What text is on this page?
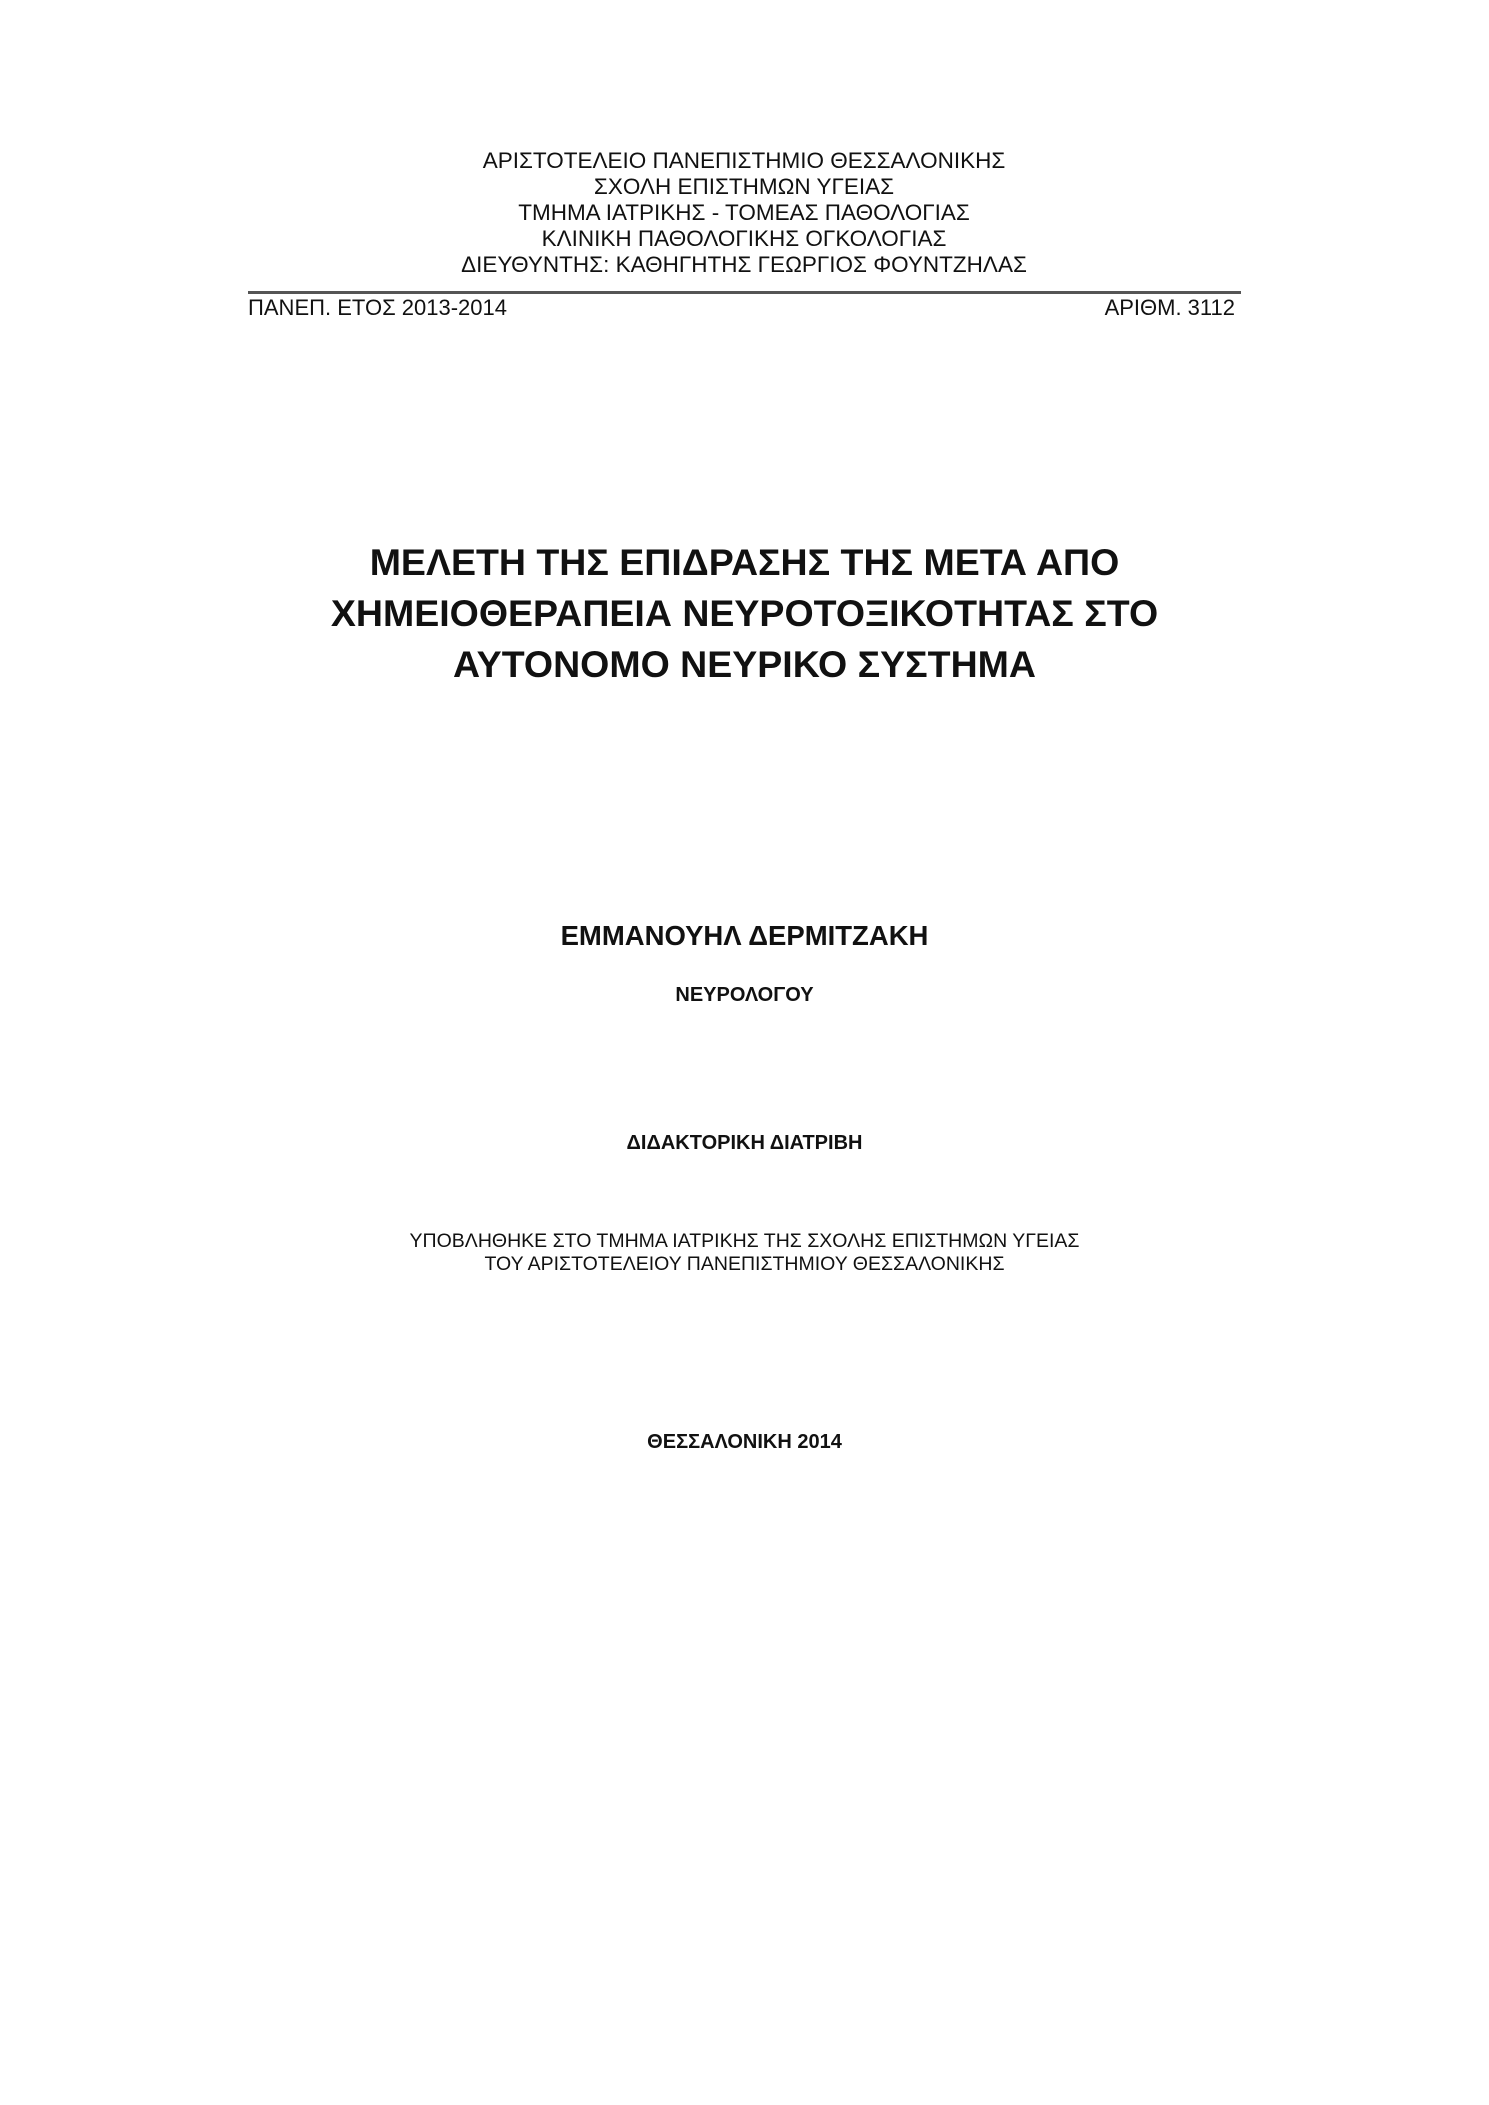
ΑΡΙΣΤΟΤΕΛΕΙΟ ΠΑΝΕΠΙΣΤΗΜΙΟ ΘΕΣΣΑΛΟΝΙΚΗΣ
ΣΧΟΛΗ ΕΠΙΣΤΗΜΩΝ ΥΓΕΙΑΣ
ΤΜΗΜΑ ΙΑΤΡΙΚΗΣ - ΤΟΜΕΑΣ ΠΑΘΟΛΟΓΙΑΣ
ΚΛΙΝΙΚΗ ΠΑΘΟΛΟΓΙΚΗΣ ΟΓΚΟΛΟΓΙΑΣ
ΔΙΕΥΘΥΝΤΗΣ: ΚΑΘΗΓΗΤΗΣ ΓΕΩΡΓΙΟΣ ΦΟΥΝΤΖΗΛΑΣ
ΠΑΝΕΠ. ΕΤΟΣ 2013-2014	ΑΡΙΘΜ. 3112
ΜΕΛΕΤΗ ΤΗΣ ΕΠΙΔΡΑΣΗΣ ΤΗΣ ΜΕΤΑ ΑΠΟ
ΧΗΜΕΙΟΘΕΡΑΠΕΙΑ ΝΕΥΡΟΤΟΞΙΚΟΤΗΤΑΣ ΣΤΟ
ΑΥΤΟΝΟΜΟ ΝΕΥΡΙΚΟ ΣΥΣΤΗΜΑ
ΕΜΜΑΝΟΥΗΛ ΔΕΡΜΙΤΖΑΚΗ
ΝΕΥΡΟΛΟΓΟΥ
ΔΙΔΑΚΤΟΡΙΚΗ ΔΙΑΤΡΙΒΗ
ΥΠΟΒΛΗΘΗΚΕ ΣΤΟ ΤΜΗΜΑ ΙΑΤΡΙΚΗΣ ΤΗΣ ΣΧΟΛΗΣ ΕΠΙΣΤΗΜΩΝ ΥΓΕΙΑΣ
ΤΟΥ ΑΡΙΣΤΟΤΕΛΕΙΟΥ ΠΑΝΕΠΙΣΤΗΜΙΟΥ ΘΕΣΣΑΛΟΝΙΚΗΣ
ΘΕΣΣΑΛΟΝΙΚΗ 2014
